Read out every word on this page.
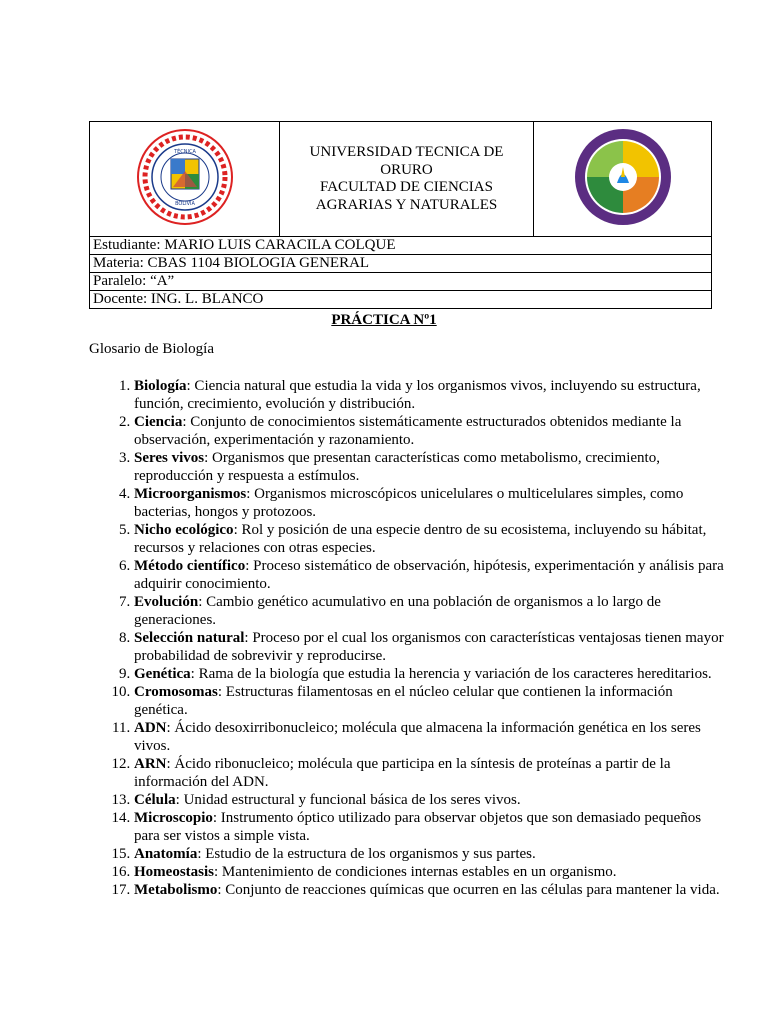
TÉCNICA
BOLIVIA

UNIVERSIDAD TECNICA DE
ORURO
FACULTAD DE CIENCIAS
AGRARIAS Y NATURALES

Estudiante: MARIO LUIS CARACILA COLQUE
Materia: CBAS 1104 BIOLOGIA GENERAL
Paralelo: “A”
Docente: ING. L. BLANCO
PRÁCTICA Nº1
Glosario de Biología
1. Biología: Ciencia natural que estudia la vida y los organismos vivos, incluyendo su estructura, función, crecimiento, evolución y distribución.
2. Ciencia: Conjunto de conocimientos sistemáticamente estructurados obtenidos mediante la observación, experimentación y razonamiento.
3. Seres vivos: Organismos que presentan características como metabolismo, crecimiento, reproducción y respuesta a estímulos.
4. Microorganismos: Organismos microscópicos unicelulares o multicelulares simples, como bacterias, hongos y protozoos.
5. Nicho ecológico: Rol y posición de una especie dentro de su ecosistema, incluyendo su hábitat, recursos y relaciones con otras especies.
6. Método científico: Proceso sistemático de observación, hipótesis, experimentación y análisis para adquirir conocimiento.
7. Evolución: Cambio genético acumulativo en una población de organismos a lo largo de generaciones.
8. Selección natural: Proceso por el cual los organismos con características ventajosas tienen mayor probabilidad de sobrevivir y reproducirse.
9. Genética: Rama de la biología que estudia la herencia y variación de los caracteres hereditarios.
10. Cromosomas: Estructuras filamentosas en el núcleo celular que contienen la información genética.
11. ADN: Ácido desoxirribonucleico; molécula que almacena la información genética en los seres vivos.
12. ARN: Ácido ribonucleico; molécula que participa en la síntesis de proteínas a partir de la información del ADN.
13. Célula: Unidad estructural y funcional básica de los seres vivos.
14. Microscopio: Instrumento óptico utilizado para observar objetos que son demasiado pequeños para ser vistos a simple vista.
15. Anatomía: Estudio de la estructura de los organismos y sus partes.
16. Homeostasis: Mantenimiento de condiciones internas estables en un organismo.
17. Metabolismo: Conjunto de reacciones químicas que ocurren en las células para mantener la vida.
